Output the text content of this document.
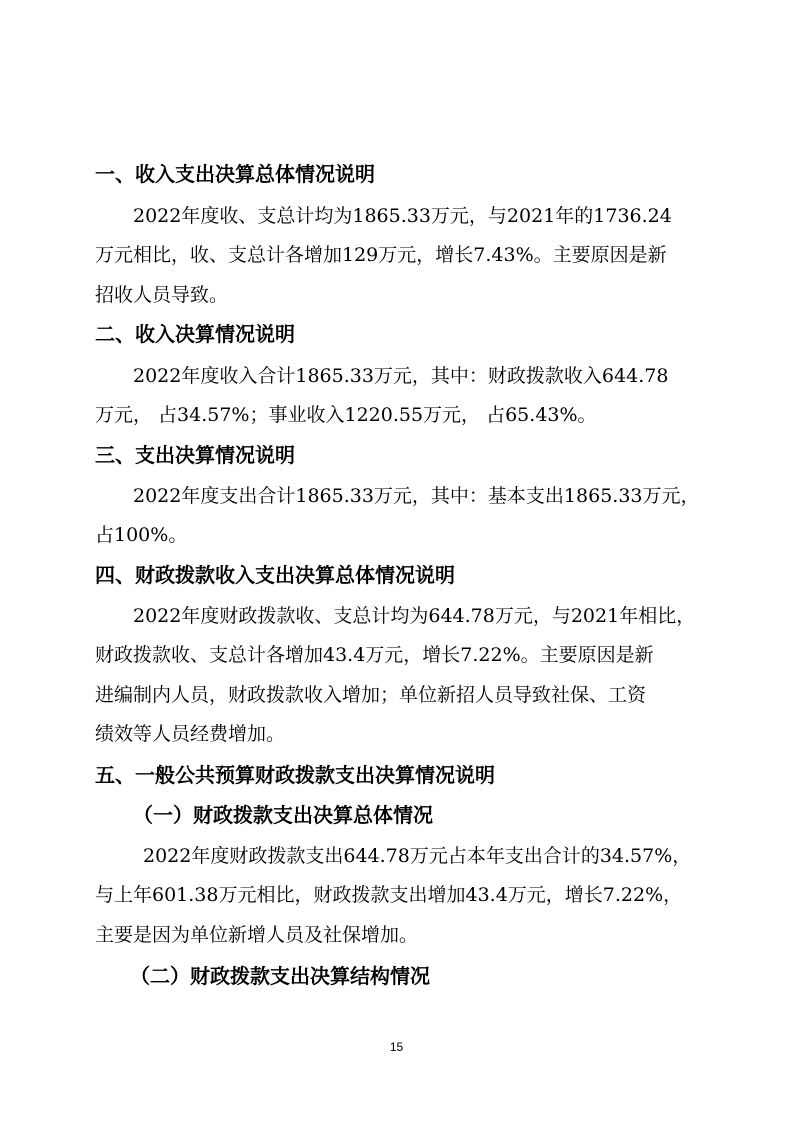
一、收入支出决算总体情况说明
2022年度收、支总计均为1865.33万元，与2021年的1736.24
万元相比，收、支总计各增加129万元，增长7.43%。主要原因是新
招收人员导致。
二、收入决算情况说明
2022年度收入合计1865.33万元，其中：财政拨款收入644.78
万元， 占34.57%；事业收入1220.55万元， 占65.43%。
三、支出决算情况说明
2022年度支出合计1865.33万元，其中：基本支出1865.33万元，
占100%。
四、财政拨款收入支出决算总体情况说明
2022年度财政拨款收、支总计均为644.78万元，与2021年相比，
财政拨款收、支总计各增加43.4万元，增长7.22%。主要原因是新
进编制内人员，财政拨款收入增加；单位新招人员导致社保、工资
绩效等人员经费增加。
五、一般公共预算财政拨款支出决算情况说明
（一）财政拨款支出决算总体情况
2022年度财政拨款支出644.78万元占本年支出合计的34.57%，
与上年601.38万元相比，财政拨款支出增加43.4万元，增长7.22%，
主要是因为单位新增人员及社保增加。
（二）财政拨款支出决算结构情况
15
